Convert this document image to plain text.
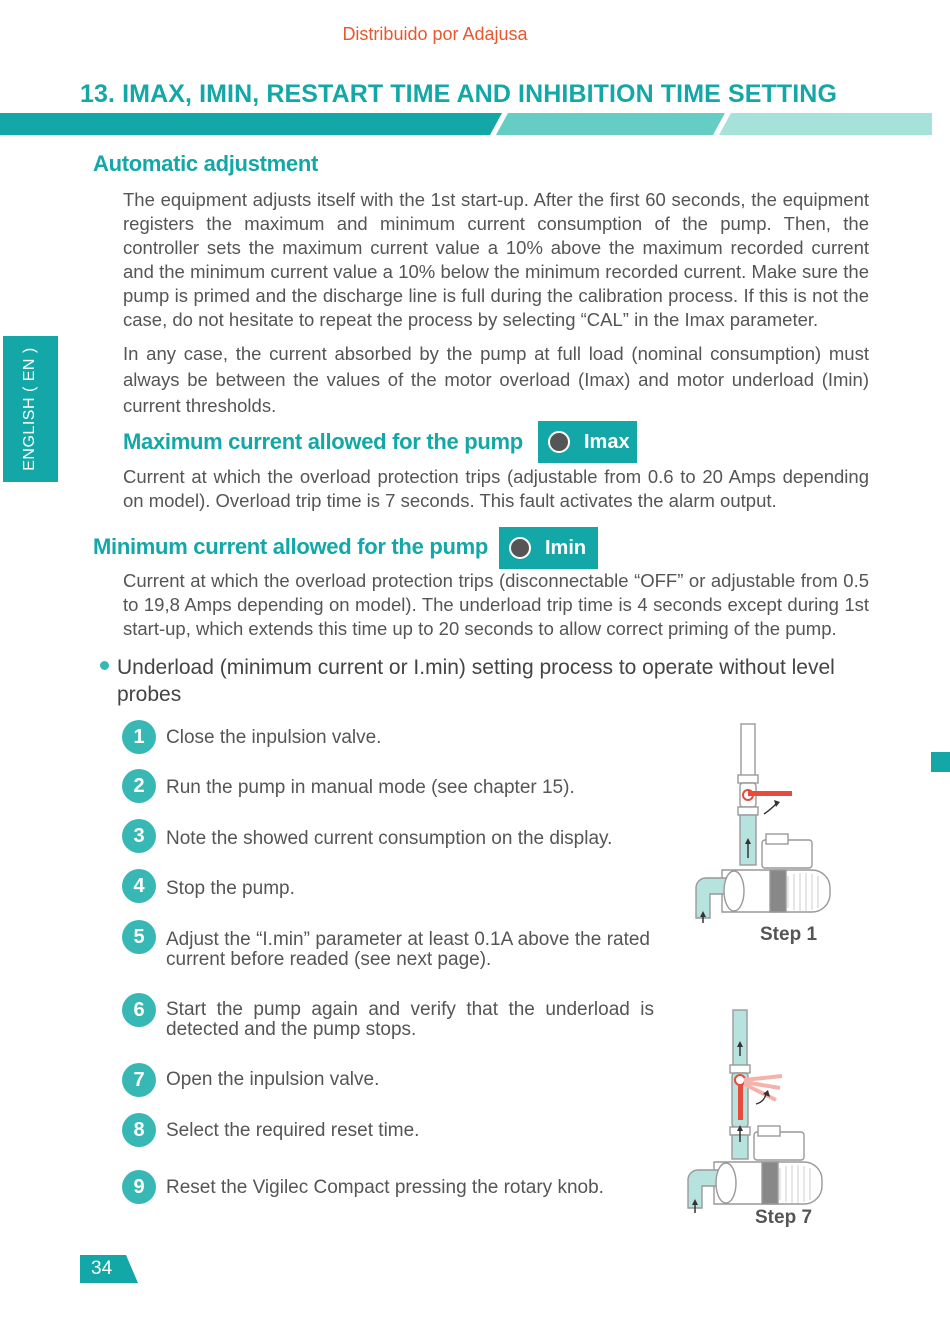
Distribuido por Adajusa
13. IMAX, IMIN, RESTART TIME AND INHIBITION TIME SETTING
ENGLISH ( EN )
Automatic adjustment

The equipment adjusts itself with the 1st start-up. After the first 60 seconds, the equipment registers the maximum and minimum current consumption of the pump. Then, the controller sets the maximum current value a 10% above the maximum recorded current and the minimum current value a 10% below the minimum recorded current. Make sure the pump is primed and the discharge line is full during the calibration process. If this is not the case, do not hesitate to repeat the process by selecting “CAL” in the Imax parameter.

In any case, the current absorbed by the pump at full load (nominal consumption) must always be between the values of the motor overload (Imax) and motor underload (Imin) current thresholds.

Maximum current allowed for the pump	Imax

Current at which the overload protection trips (adjustable from 0.6 to 20 Amps depending on model). Overload trip time is 7 seconds. This fault activates the alarm output.

Minimum current allowed for the pump	Imin

Current at which the overload protection trips (disconnectable “OFF” or adjustable from 0.5 to 19,8 Amps depending on model). The underload trip time is 4 seconds except during 1st start-up, which extends this time up to 20 seconds to allow correct priming of the pump.

Underload (minimum current or I.min) setting process to operate without level probes

1	Close the inpulsion valve.

2	Run the pump in manual mode (see chapter 15).

3	Note the showed current consumption on the display.

4	Stop the pump.

5	Adjust the “I.min” parameter at least 0.1A above the rated current before readed (see next page).

6	Start the pump again and verify that the underload is detected and the pump stops.

7	Open the inpulsion valve.

8	Select the required reset time.

9	Reset the Vigilec Compact pressing the rotary knob.

Step 1
Step 7
34
